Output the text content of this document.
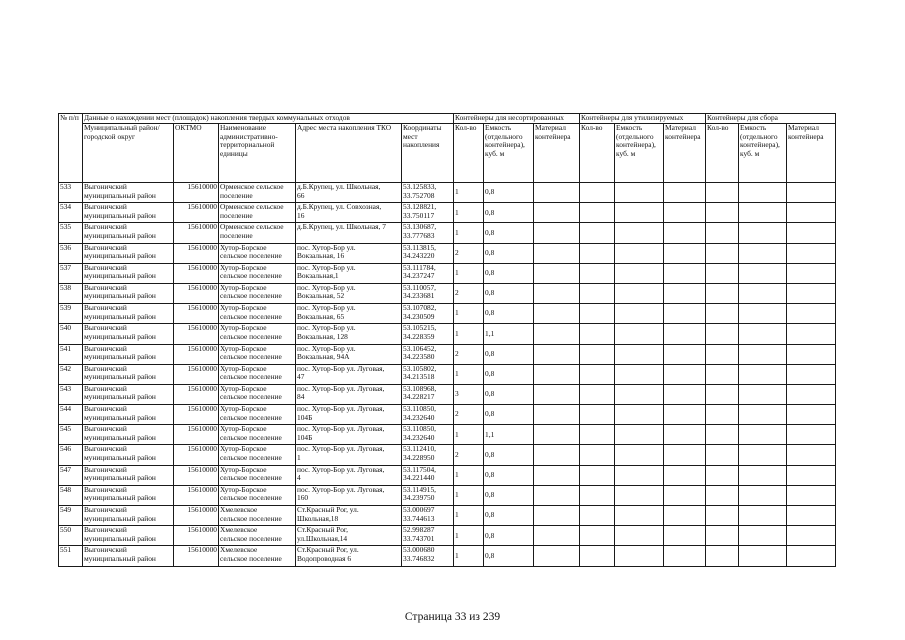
№ п/п	Данные о нахождении мест (площадок) накопления твердых коммунальных отходов					Контейнеры для несортированных			Контейнеры для утилизируемых			Контейнеры для сбора		
	Муниципальный район/городской округ	ОКТМО	Наименование административно-территориальной единицы	Адрес места накопления ТКО	Координаты мест накопления	Кол-во	Емкость (отдельного контейнера), куб. м	Материал контейнера	Кол-во	Емкость (отдельного контейнера), куб. м	Материал контейнера	Кол-во	Емкость (отдельного контейнера), куб. м	Материал контейнера
533	Выгоничский
муниципальный район	15610000	Орменское сельское
поселение	д.Б.Крупец, ул. Школьная,
66	53.125833,
33.752708	1	0,8							
534	Выгоничский
муниципальный район	15610000	Орменское сельское
поселение	д.Б.Крупец, ул. Совхозная,
16	53.128821,
33.750117	1	0,8							
535	Выгоничский
муниципальный район	15610000	Орменское сельское
поселение	д.Б.Крупец, ул. Школьная, 7	53.130687,
33.777683	1	0,8							
536	Выгоничский
муниципальный район	15610000	Хутор-Борское
сельское поселение	пос. Хутор-Бор ул.
Вокзальная, 16	53.113815,
34.243220	2	0,8							
537	Выгоничский
муниципальный район	15610000	Хутор-Борское
сельское поселение	пос. Хутор-Бор ул.
Вокзальная,1	53.111784,
34.237247	1	0,8							
538	Выгоничский
муниципальный район	15610000	Хутор-Борское
сельское поселение	пос. Хутор-Бор ул.
Вокзальная, 52	53.110057,
34.233681	2	0,8							
539	Выгоничский
муниципальный район	15610000	Хутор-Борское
сельское поселение	пос. Хутор-Бор ул.
Вокзальная, 65	53.107082,
34.230509	1	0,8							
540	Выгоничский
муниципальный район	15610000	Хутор-Борское
сельское поселение	пос. Хутор-Бор ул.
Вокзальная, 128	53.105215,
34.228359	1	1,1							
541	Выгоничский
муниципальный район	15610000	Хутор-Борское
сельское поселение	пос. Хутор-Бор ул.
Вокзальная, 94А	53.106452,
34.223580	2	0,8							
542	Выгоничский
муниципальный район	15610000	Хутор-Борское
сельское поселение	пос. Хутор-Бор ул. Луговая,
47	53.105802,
34.213518	1	0,8							
543	Выгоничский
муниципальный район	15610000	Хутор-Борское
сельское поселение	пос. Хутор-Бор ул. Луговая,
84	53.108968,
34.228217	3	0,8							
544	Выгоничский
муниципальный район	15610000	Хутор-Борское
сельское поселение	пос. Хутор-Бор ул. Луговая,
104Б	53.110850,
34.232640	2	0,8							
545	Выгоничский
муниципальный район	15610000	Хутор-Борское
сельское поселение	пос. Хутор-Бор ул. Луговая,
104Б	53.110850,
34.232640	1	1,1							
546	Выгоничский
муниципальный район	15610000	Хутор-Борское
сельское поселение	пос. Хутор-Бор ул. Луговая,
1	53.112410,
34.228950	2	0,8							
547	Выгоничский
муниципальный район	15610000	Хутор-Борское
сельское поселение	пос. Хутор-Бор ул. Луговая,
4	53.117504,
34.221440	1	0,8							
548	Выгоничский
муниципальный район	15610000	Хутор-Борское
сельское поселение	пос. Хутор-Бор ул. Луговая,
160	53.114915,
34.239750	1	0,8							
549	Выгоничский
муниципальный район	15610000	Хмелевское
сельское поселение	Ст.Красный Рог, ул.
Школьная,18	53.000697
33.744613	1	0,8							
550	Выгоничский
муниципальный район	15610000	Хмелевское
сельское поселение	Ст.Красный Рог,
ул.Школьная,14	52.998287
33.743701	1	0,8							
551	Выгоничский
муниципальный район	15610000	Хмелевское
сельское поселение	Ст.Красный Рог, ул.
Водопроводная 6	53.000680
33.746832	1	0,8							
Страница 33 из 239
